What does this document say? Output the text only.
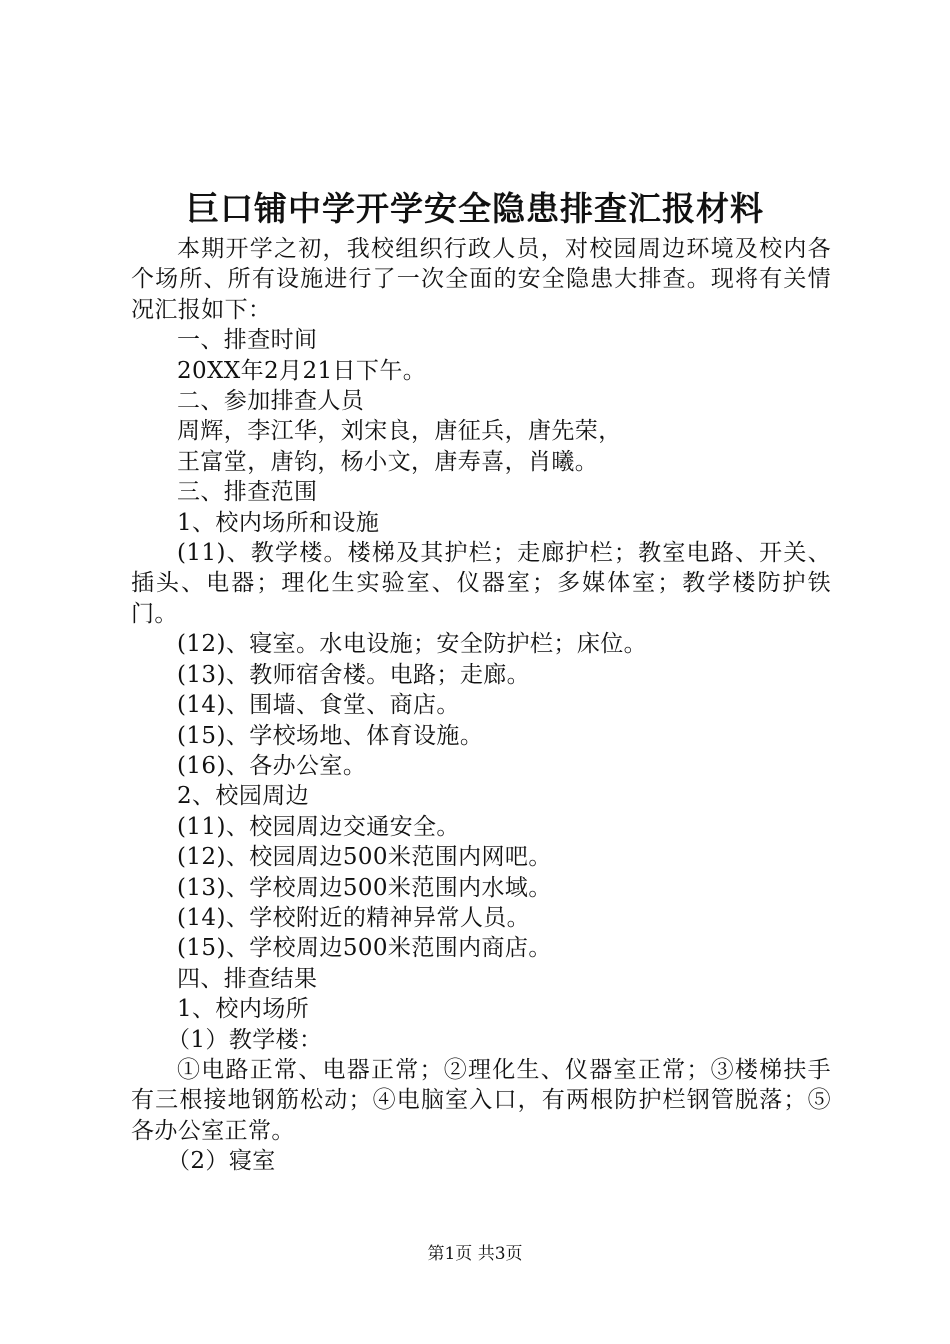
巨口铺中学开学安全隐患排查汇报材料

本期开学之初，我校组织行政人员，对校园周边环境及校内各个场所、所有设施进行了一次全面的安全隐患大排查。现将有关情况汇报如下：

一、排查时间

20XX年2月21日下午。

二、参加排查人员

周辉，李江华，刘宋良，唐征兵，唐先荣，

王富堂，唐钧，杨小文，唐寿喜，肖曦。

三、排查范围

1、校内场所和设施

(11)、教学楼。楼梯及其护栏；走廊护栏；教室电路、开关、插头、电器；理化生实验室、仪器室；多媒体室；教学楼防护铁门。

(12)、寝室。水电设施；安全防护栏；床位。

(13)、教师宿舍楼。电路；走廊。

(14)、围墙、食堂、商店。

(15)、学校场地、体育设施。

(16)、各办公室。

2、校园周边

(11)、校园周边交通安全。

(12)、校园周边500米范围内网吧。

(13)、学校周边500米范围内水域。

(14)、学校附近的精神异常人员。

(15)、学校周边500米范围内商店。

四、排查结果

1、校内场所

（1）教学楼：

①电路正常、电器正常；②理化生、仪器室正常；③楼梯扶手有三根接地钢筋松动；④电脑室入口，有两根防护栏钢管脱落；⑤各办公室正常。

（2）寝室

第1页 共3页
